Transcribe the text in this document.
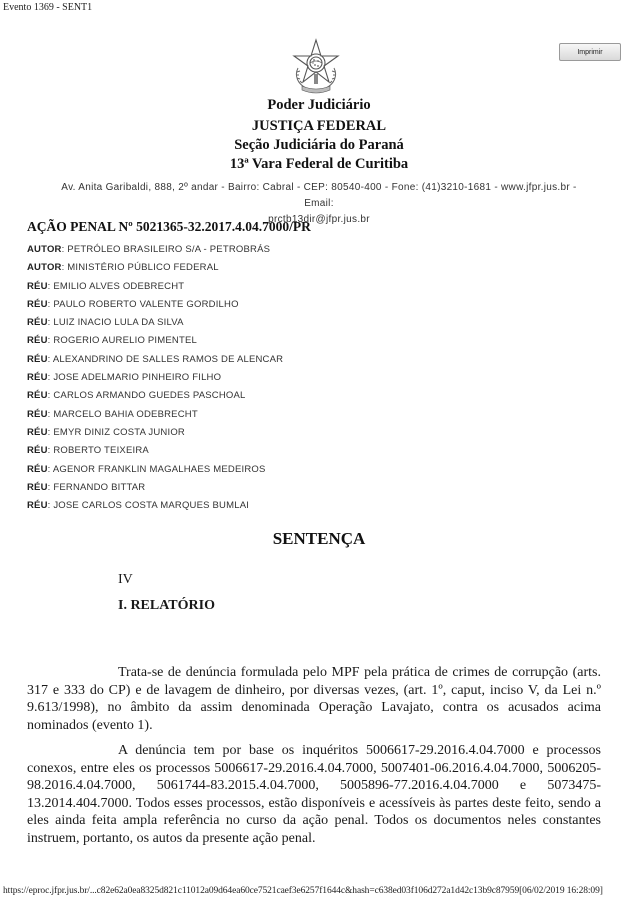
Evento 1369 - SENT1
Imprimir
Poder Judiciário
JUSTIÇA FEDERAL
Seção Judiciária do Paraná
13ª Vara Federal de Curitiba
Av. Anita Garibaldi, 888, 2º andar - Bairro: Cabral - CEP: 80540-400 - Fone: (41)3210-1681 - www.jfpr.jus.br - Email:
prctb13dir@jfpr.jus.br
AÇÃO PENAL Nº 5021365-32.2017.4.04.7000/PR
AUTOR: PETRÓLEO BRASILEIRO S/A - PETROBRÁS
AUTOR: MINISTÉRIO PÚBLICO FEDERAL
RÉU: EMILIO ALVES ODEBRECHT
RÉU: PAULO ROBERTO VALENTE GORDILHO
RÉU: LUIZ INACIO LULA DA SILVA
RÉU: ROGERIO AURELIO PIMENTEL
RÉU: ALEXANDRINO DE SALLES RAMOS DE ALENCAR
RÉU: JOSE ADELMARIO PINHEIRO FILHO
RÉU: CARLOS ARMANDO GUEDES PASCHOAL
RÉU: MARCELO BAHIA ODEBRECHT
RÉU: EMYR DINIZ COSTA JUNIOR
RÉU: ROBERTO TEIXEIRA
RÉU: AGENOR FRANKLIN MAGALHAES MEDEIROS
RÉU: FERNANDO BITTAR
RÉU: JOSE CARLOS COSTA MARQUES BUMLAI
SENTENÇA
IV
I. RELATÓRIO

Trata-se de denúncia formulada pelo MPF pela prática de crimes de corrupção (arts. 317 e 333 do CP) e de lavagem de dinheiro, por diversas vezes, (art. 1º, caput, inciso V, da Lei n.º 9.613/1998), no âmbito da assim denominada Operação Lavajato, contra os acusados acima nominados (evento 1).

A denúncia tem por base os inquéritos 5006617-29.2016.4.04.7000 e processos conexos, entre eles os processos 5006617-29.2016.4.04.7000, 5007401-06.2016.4.04.7000, 5006205-98.2016.4.04.7000, 5061744-83.2015.4.04.7000, 5005896-77.2016.4.04.7000 e 5073475-13.2014.404.7000. Todos esses processos, estão disponíveis e acessíveis às partes deste feito, sendo a eles ainda feita ampla referência no curso da ação penal. Todos os documentos neles constantes instruem, portanto, os autos da presente ação penal.

https://eproc.jfpr.jus.br/...c82e62a0ea8325d821c11012a09d64ea60ce7521caef3e6257f1644c&hash=c638ed03f106d272a1d42c13b9c87959[06/02/2019 16:28:09]
